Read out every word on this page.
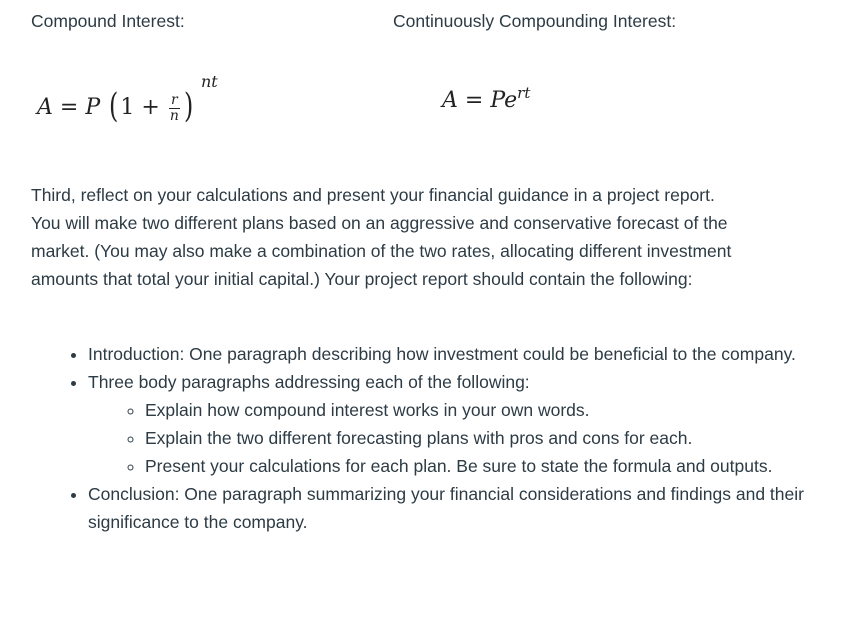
Compound Interest:	Continuously Compounding Interest:
A = P ($1 + \frac{r}{n}$ )
nt
$A = Pe^{rt}$
Third, reflect on your calculations and present your financial guidance in a project report. You will make two different plans based on an aggressive and conservative forecast of the market. (You may also make a combination of the two rates, allocating different investment amounts that total your initial capital.) Your project report should contain the following:
• Introduction: One paragraph describing how investment could be beneficial to the company.
• Three body paragraphs addressing each of the following:
◦ Explain how compound interest works in your own words.
◦ Explain the two different forecasting plans with pros and cons for each.
◦ Present your calculations for each plan. Be sure to state the formula and outputs.
• Conclusion: One paragraph summarizing your financial considerations and findings and their significance to the company.
